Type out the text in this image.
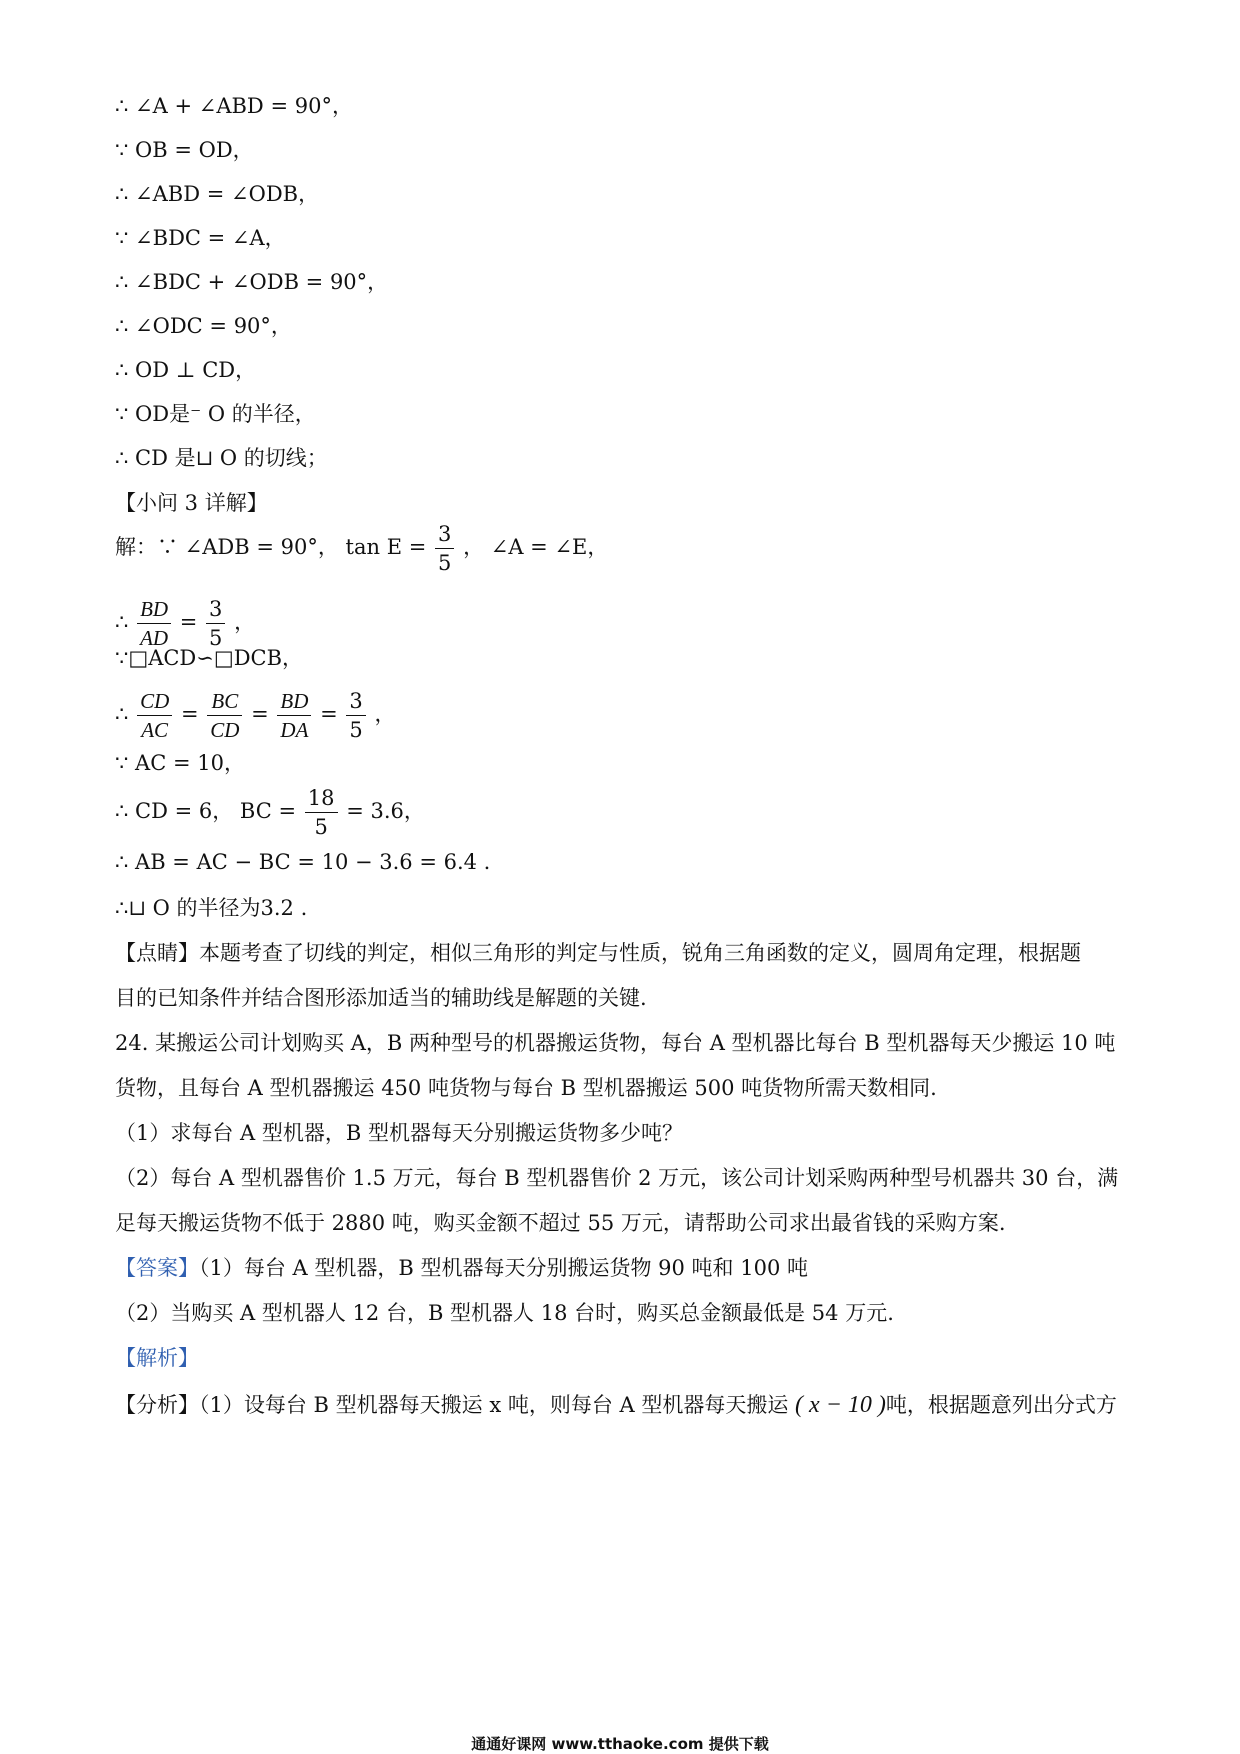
∴ ∠A + ∠ABD = 90°，
∵ OB = OD，
∴ ∠ABD = ∠ODB，
∵ ∠BDC = ∠A，
∴ ∠BDC + ∠ODB = 90°，
∴ ∠ODC = 90°，
∴ OD ⊥ CD，
∵ OD是⁻ O 的半径，
∴ CD 是⊔ O 的切线；
【小问 3 详解】
解：∵ ∠ADB = 90°， $\tan E = \frac{3}{5}$ ， ∠A = ∠E，
∴ $\frac{BD}{AD} = \frac{3}{5}$ ，
∵□ACD∽□DCB，
∴ $\frac{CD}{AC} = \frac{BC}{CD} = \frac{BD}{DA} = \frac{3}{5}$ ，
∵ AC = 10，
∴ CD = 6， BC = $\frac{18}{5} = 3.6$，
∴ AB = AC − BC = 10 − 3.6 = 6.4 .
∴⊔ O 的半径为3.2 .
【点睛】本题考查了切线的判定，相似三角形的判定与性质，锐角三角函数的定义，圆周角定理，根据题
目的已知条件并结合图形添加适当的辅助线是解题的关键.
24. 某搬运公司计划购买 A，B 两种型号的机器搬运货物，每台 A 型机器比每台 B 型机器每天少搬运 10 吨
货物，且每台 A 型机器搬运 450 吨货物与每台 B 型机器搬运 500 吨货物所需天数相同.
（1）求每台 A 型机器，B 型机器每天分别搬运货物多少吨？
（2）每台 A 型机器售价 1.5 万元，每台 B 型机器售价 2 万元，该公司计划采购两种型号机器共 30 台，满
足每天搬运货物不低于 2880 吨，购买金额不超过 55 万元，请帮助公司求出最省钱的采购方案.
【答案】（1）每台 A 型机器，B 型机器每天分别搬运货物 90 吨和 100 吨
（2）当购买 A 型机器人 12 台，B 型机器人 18 台时，购买总金额最低是 54 万元.
【解析】
【分析】（1）设每台 B 型机器每天搬运 x 吨，则每台 A 型机器每天搬运 ( x − 10 )吨，根据题意列出分式方
通通好课网 www.tthaoke.com 提供下载
